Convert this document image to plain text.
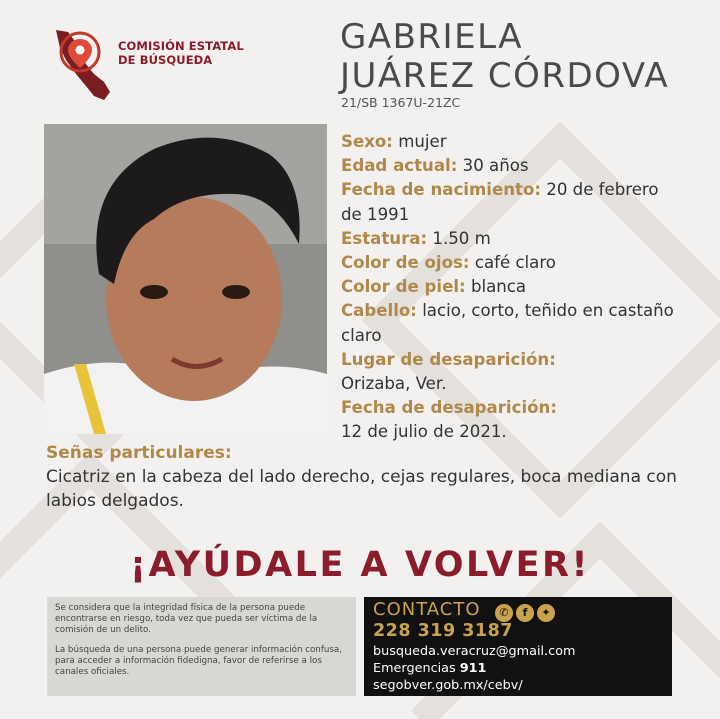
COMISIÓN ESTATAL
DE BÚSQUEDA
GABRIELA
JUÁREZ CÓRDOVA
21/SB 1367U-21ZC
Sexo: mujer
Edad actual: 30 años
Fecha de nacimiento: 20 de febrero de 1991
Estatura: 1.50 m
Color de ojos: café claro
Color de piel: blanca
Cabello: lacio, corto, teñido en castaño claro
Lugar de desaparición:
Orizaba, Ver.
Fecha de desaparición:
12 de julio de 2021.
Señas particulares:
Cicatriz en la cabeza del lado derecho, cejas regulares, boca mediana con labios delgados.
¡AYÚDALE A VOLVER!

Se considera que la integridad física de la persona puede encontrarse en riesgo, toda vez que pueda ser víctima de la comisión de un delito.

La búsqueda de una persona puede generar información confusa, para acceder a información fidedigna, favor de referirse a los canales oficiales.

CONTACTO	✆ f ✦
228 319 3187
busqueda.veracruz@gmail.com
Emergencias 911
segobver.gob.mx/cebv/
